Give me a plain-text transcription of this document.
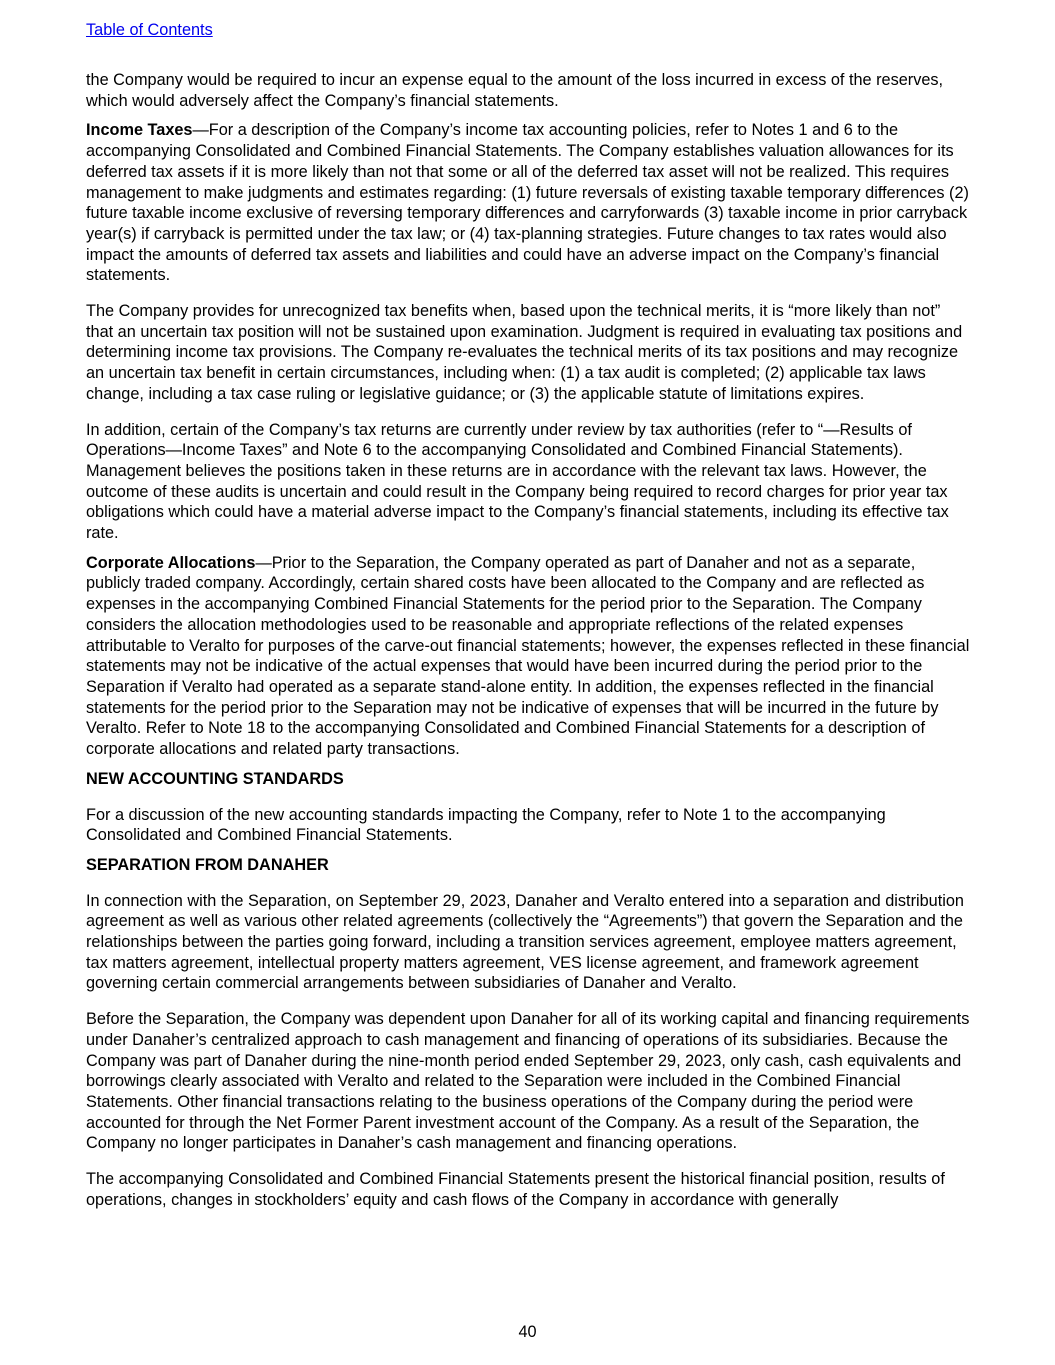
Table of Contents

the Company would be required to incur an expense equal to the amount of the loss incurred in excess of the reserves, which would adversely affect the Company’s financial statements.

Income Taxes—For a description of the Company’s income tax accounting policies, refer to Notes 1 and 6 to the accompanying Consolidated and Combined Financial Statements. The Company establishes valuation allowances for its deferred tax assets if it is more likely than not that some or all of the deferred tax asset will not be realized. This requires management to make judgments and estimates regarding: (1) future reversals of existing taxable temporary differences (2) future taxable income exclusive of reversing temporary differences and carryforwards (3) taxable income in prior carryback year(s) if carryback is permitted under the tax law; or (4) tax-planning strategies. Future changes to tax rates would also impact the amounts of deferred tax assets and liabilities and could have an adverse impact on the Company’s financial statements.

The Company provides for unrecognized tax benefits when, based upon the technical merits, it is “more likely than not” that an uncertain tax position will not be sustained upon examination. Judgment is required in evaluating tax positions and determining income tax provisions. The Company re-evaluates the technical merits of its tax positions and may recognize an uncertain tax benefit in certain circumstances, including when: (1) a tax audit is completed; (2) applicable tax laws change, including a tax case ruling or legislative guidance; or (3) the applicable statute of limitations expires.

In addition, certain of the Company’s tax returns are currently under review by tax authorities (refer to “—Results of Operations—Income Taxes” and Note 6 to the accompanying Consolidated and Combined Financial Statements). Management believes the positions taken in these returns are in accordance with the relevant tax laws. However, the outcome of these audits is uncertain and could result in the Company being required to record charges for prior year tax obligations which could have a material adverse impact to the Company’s financial statements, including its effective tax rate.

Corporate Allocations—Prior to the Separation, the Company operated as part of Danaher and not as a separate, publicly traded company. Accordingly, certain shared costs have been allocated to the Company and are reflected as expenses in the accompanying Combined Financial Statements for the period prior to the Separation. The Company considers the allocation methodologies used to be reasonable and appropriate reflections of the related expenses attributable to Veralto for purposes of the carve-out financial statements; however, the expenses reflected in these financial statements may not be indicative of the actual expenses that would have been incurred during the period prior to the Separation if Veralto had operated as a separate stand-alone entity. In addition, the expenses reflected in the financial statements for the period prior to the Separation may not be indicative of expenses that will be incurred in the future by Veralto. Refer to Note 18 to the accompanying Consolidated and Combined Financial Statements for a description of corporate allocations and related party transactions.

NEW ACCOUNTING STANDARDS

For a discussion of the new accounting standards impacting the Company, refer to Note 1 to the accompanying Consolidated and Combined Financial Statements.

SEPARATION FROM DANAHER

In connection with the Separation, on September 29, 2023, Danaher and Veralto entered into a separation and distribution agreement as well as various other related agreements (collectively the “Agreements”) that govern the Separation and the relationships between the parties going forward, including a transition services agreement, employee matters agreement, tax matters agreement, intellectual property matters agreement, VES license agreement, and framework agreement governing certain commercial arrangements between subsidiaries of Danaher and Veralto.

Before the Separation, the Company was dependent upon Danaher for all of its working capital and financing requirements under Danaher’s centralized approach to cash management and financing of operations of its subsidiaries. Because the Company was part of Danaher during the nine-month period ended September 29, 2023, only cash, cash equivalents and borrowings clearly associated with Veralto and related to the Separation were included in the Combined Financial Statements. Other financial transactions relating to the business operations of the Company during the period were accounted for through the Net Former Parent investment account of the Company. As a result of the Separation, the Company no longer participates in Danaher’s cash management and financing operations.

The accompanying Consolidated and Combined Financial Statements present the historical financial position, results of operations, changes in stockholders’ equity and cash flows of the Company in accordance with generally

40
